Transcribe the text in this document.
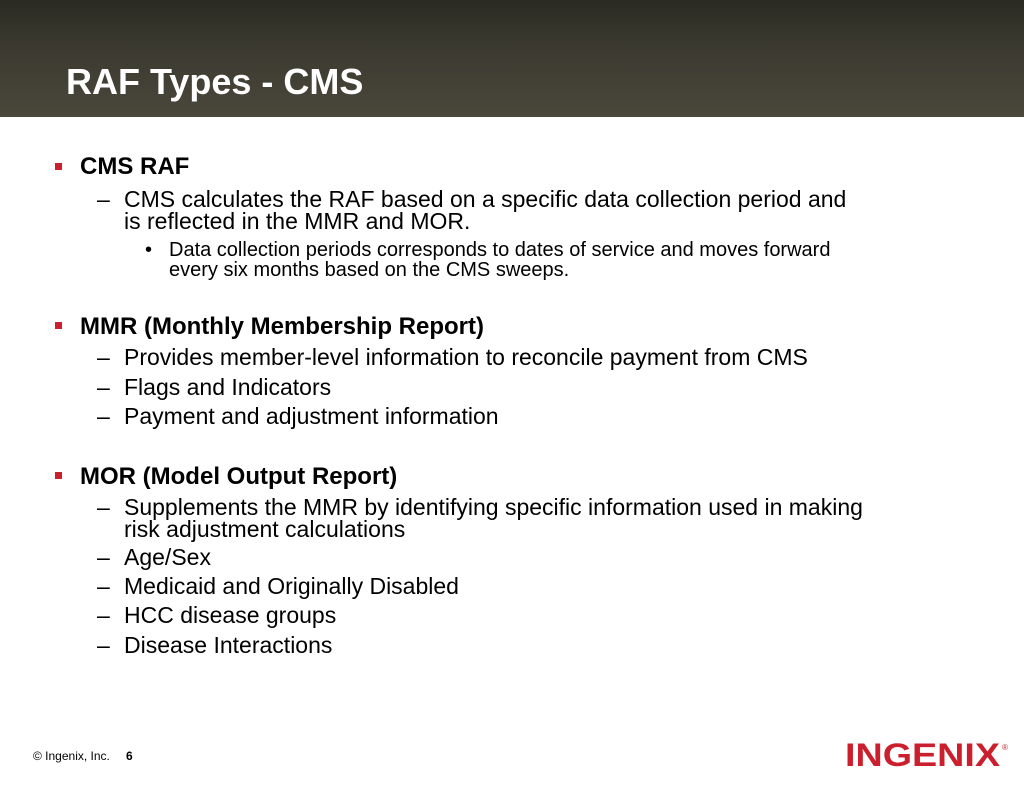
RAF Types - CMS
CMS RAF
– CMS calculates the RAF based on a specific data collection period and
is reflected in the MMR and MOR.
• Data collection periods corresponds to dates of service and moves forward
every six months based on the CMS sweeps.
MMR (Monthly Membership Report)
– Provides member-level information to reconcile payment from CMS
– Flags and Indicators
– Payment and adjustment information
MOR (Model Output Report)
– Supplements the MMR by identifying specific information used in making
risk adjustment calculations
– Age/Sex
– Medicaid and Originally Disabled
– HCC disease groups
– Disease Interactions
© Ingenix, Inc. 6	INGENIX ®
